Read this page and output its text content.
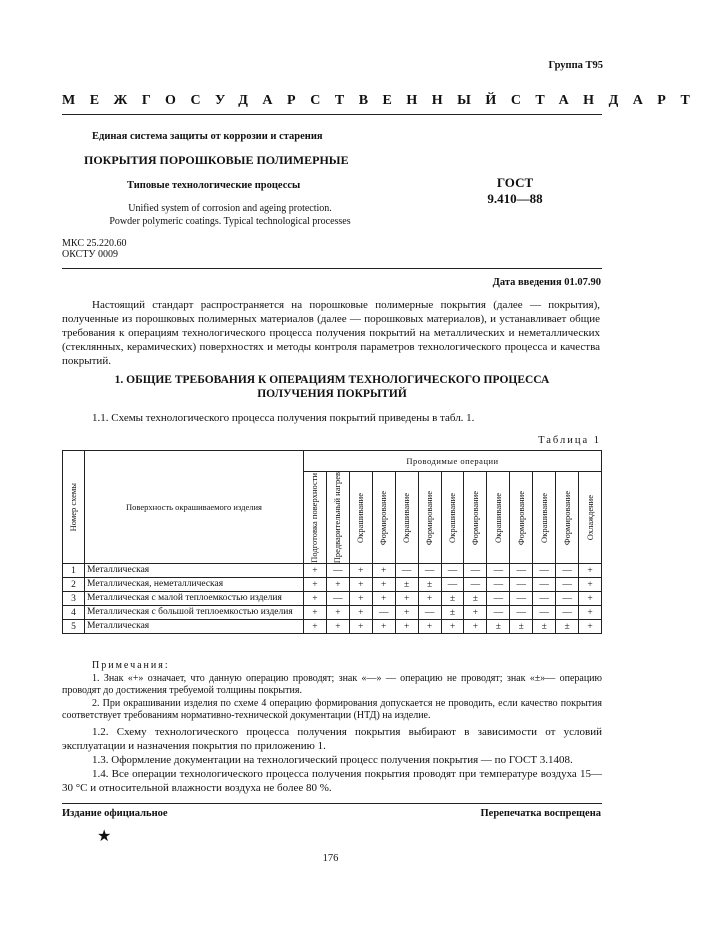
Группа Т95
МЕЖГОСУДАРСТВЕННЫЙ СТАНДАРТ
Единая система защиты от коррозии и старения
ПОКРЫТИЯ ПОРОШКОВЫЕ ПОЛИМЕРНЫЕ
Типовые технологические процессы
Unified system of corrosion and ageing protection.
Powder polymeric coatings. Typical technological processes
ГОСТ
9.410—88
МКС 25.220.60
ОКСТУ 0009
Дата введения 01.07.90
Настоящий стандарт распространяется на порошковые полимерные покрытия (далее — покрытия), полученные из порошковых полимерных материалов (далее — порошковых материалов), и устанавливает общие требования к операциям технологического процесса получения покрытий на металлических и неметаллических (стеклянных, керамических) поверхностях и методы контроля параметров технологического процесса и качества покрытий.
1. ОБЩИЕ ТРЕБОВАНИЯ К ОПЕРАЦИЯМ ТЕХНОЛОГИЧЕСКОГО ПРОЦЕССА
ПОЛУЧЕНИЯ ПОКРЫТИЙ
1.1. Схемы технологического процесса получения покрытий приведены в табл. 1.
Таблица 1
Номер схемы	Поверхность окрашиваемого изделия	Проводимые операции												

		Подготовка поверхности	Предварительный нагрев	Окрашивание	Формирование	Окрашивание	Формирование	Окрашивание	Формирование	Окрашивание	Формирование	Окрашивание	Формирование	Охлаждение

1	Металлическая	+	—	+	+	—	—	—	—	—	—	—	—	+
2	Металлическая, неметаллическая	+	+	+	+	±	±	—	—	—	—	—	—	+
3	Металлическая с малой теплоемкостью изделия	+	—	+	+	+	+	±	±	—	—	—	—	+
4	Металлическая с большой теплоемкостью изделия	+	+	+	—	+	—	±	+	—	—	—	—	+
5	Металлическая	+	+	+	+	+	+	+	+	±	±	±	±	+
Примечания:
1. Знак «+» означает, что данную операцию проводят; знак «—» — операцию не проводят; знак «±»— операцию проводят до достижения требуемой толщины покрытия.
2. При окрашивании изделия по схеме 4 операцию формирования допускается не проводить, если качество покрытия соответствует требованиям нормативно-технической документации (НТД) на изделие.
1.2. Схему технологического процесса получения покрытия выбирают в зависимости от условий эксплуатации и назначения покрытия по приложению 1.
1.3. Оформление документации на технологический процесс получения покрытия — по ГОСТ 3.1408.
1.4. Все операции технологического процесса получения покрытия проводят при температуре воздуха 15—30 °С и относительной влажности воздуха не более 80 %.
Издание официальное	Перепечатка воспрещена
★
176
